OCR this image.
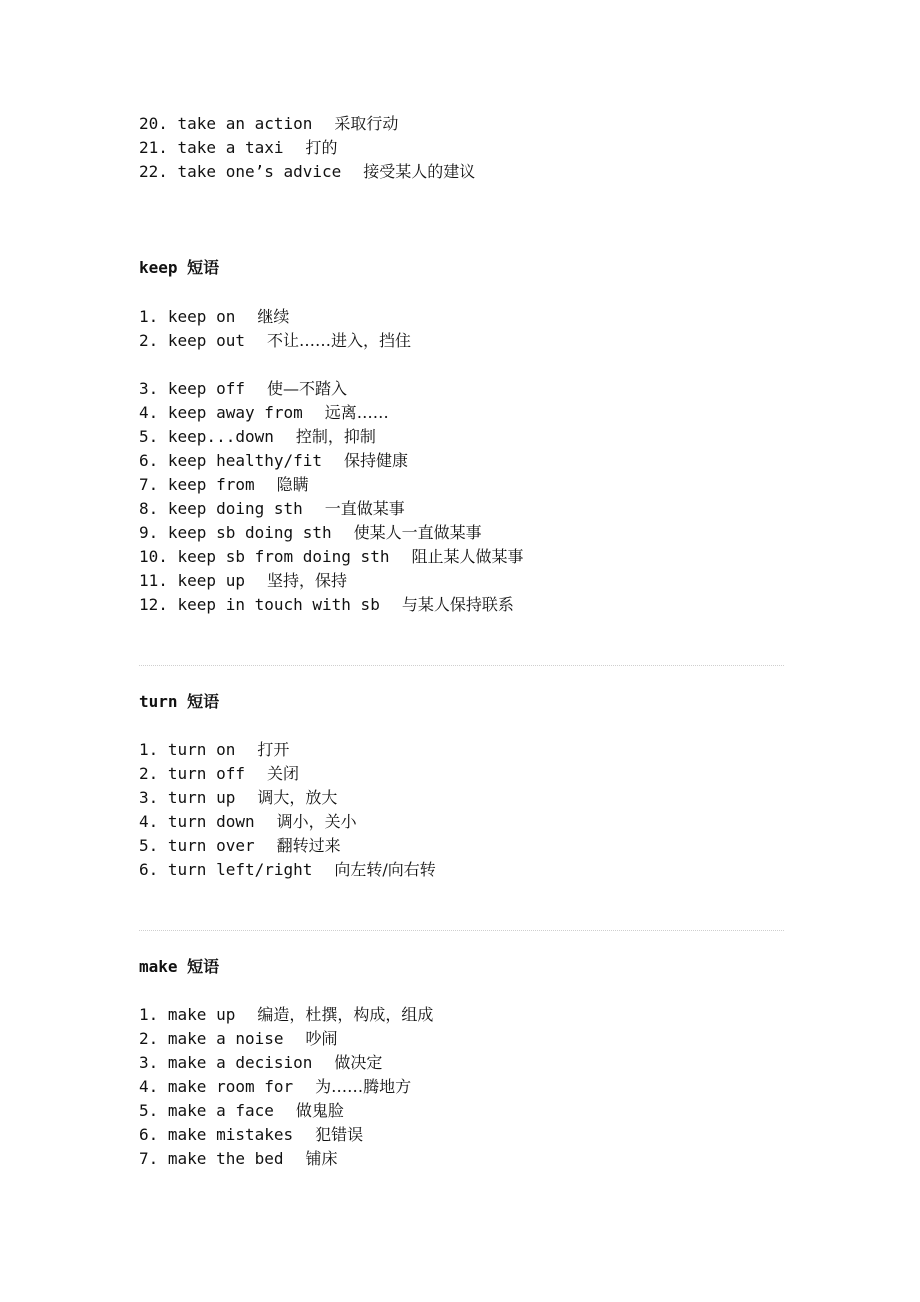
20. take an action 采取行动
21. take a taxi 打的
22. take one’s advice 接受某人的建议
keep 短语
1. keep on 继续
2. keep out 不让……进入，挡住
3. keep off 使—不踏入
4. keep away from 远离……
5. keep...down 控制，抑制
6. keep healthy/fit 保持健康
7. keep from 隐瞒
8. keep doing sth 一直做某事
9. keep sb doing sth 使某人一直做某事
10. keep sb from doing sth 阻止某人做某事
11. keep up 坚持，保持
12. keep in touch with sb 与某人保持联系
turn 短语
1. turn on 打开
2. turn off 关闭
3. turn up 调大，放大
4. turn down 调小，关小
5. turn over 翻转过来
6. turn left/right 向左转/向右转
make 短语
1. make up 编造，杜撰，构成，组成
2. make a noise 吵闹
3. make a decision 做决定
4. make room for 为……腾地方
5. make a face 做鬼脸
6. make mistakes 犯错误
7. make the bed 铺床
